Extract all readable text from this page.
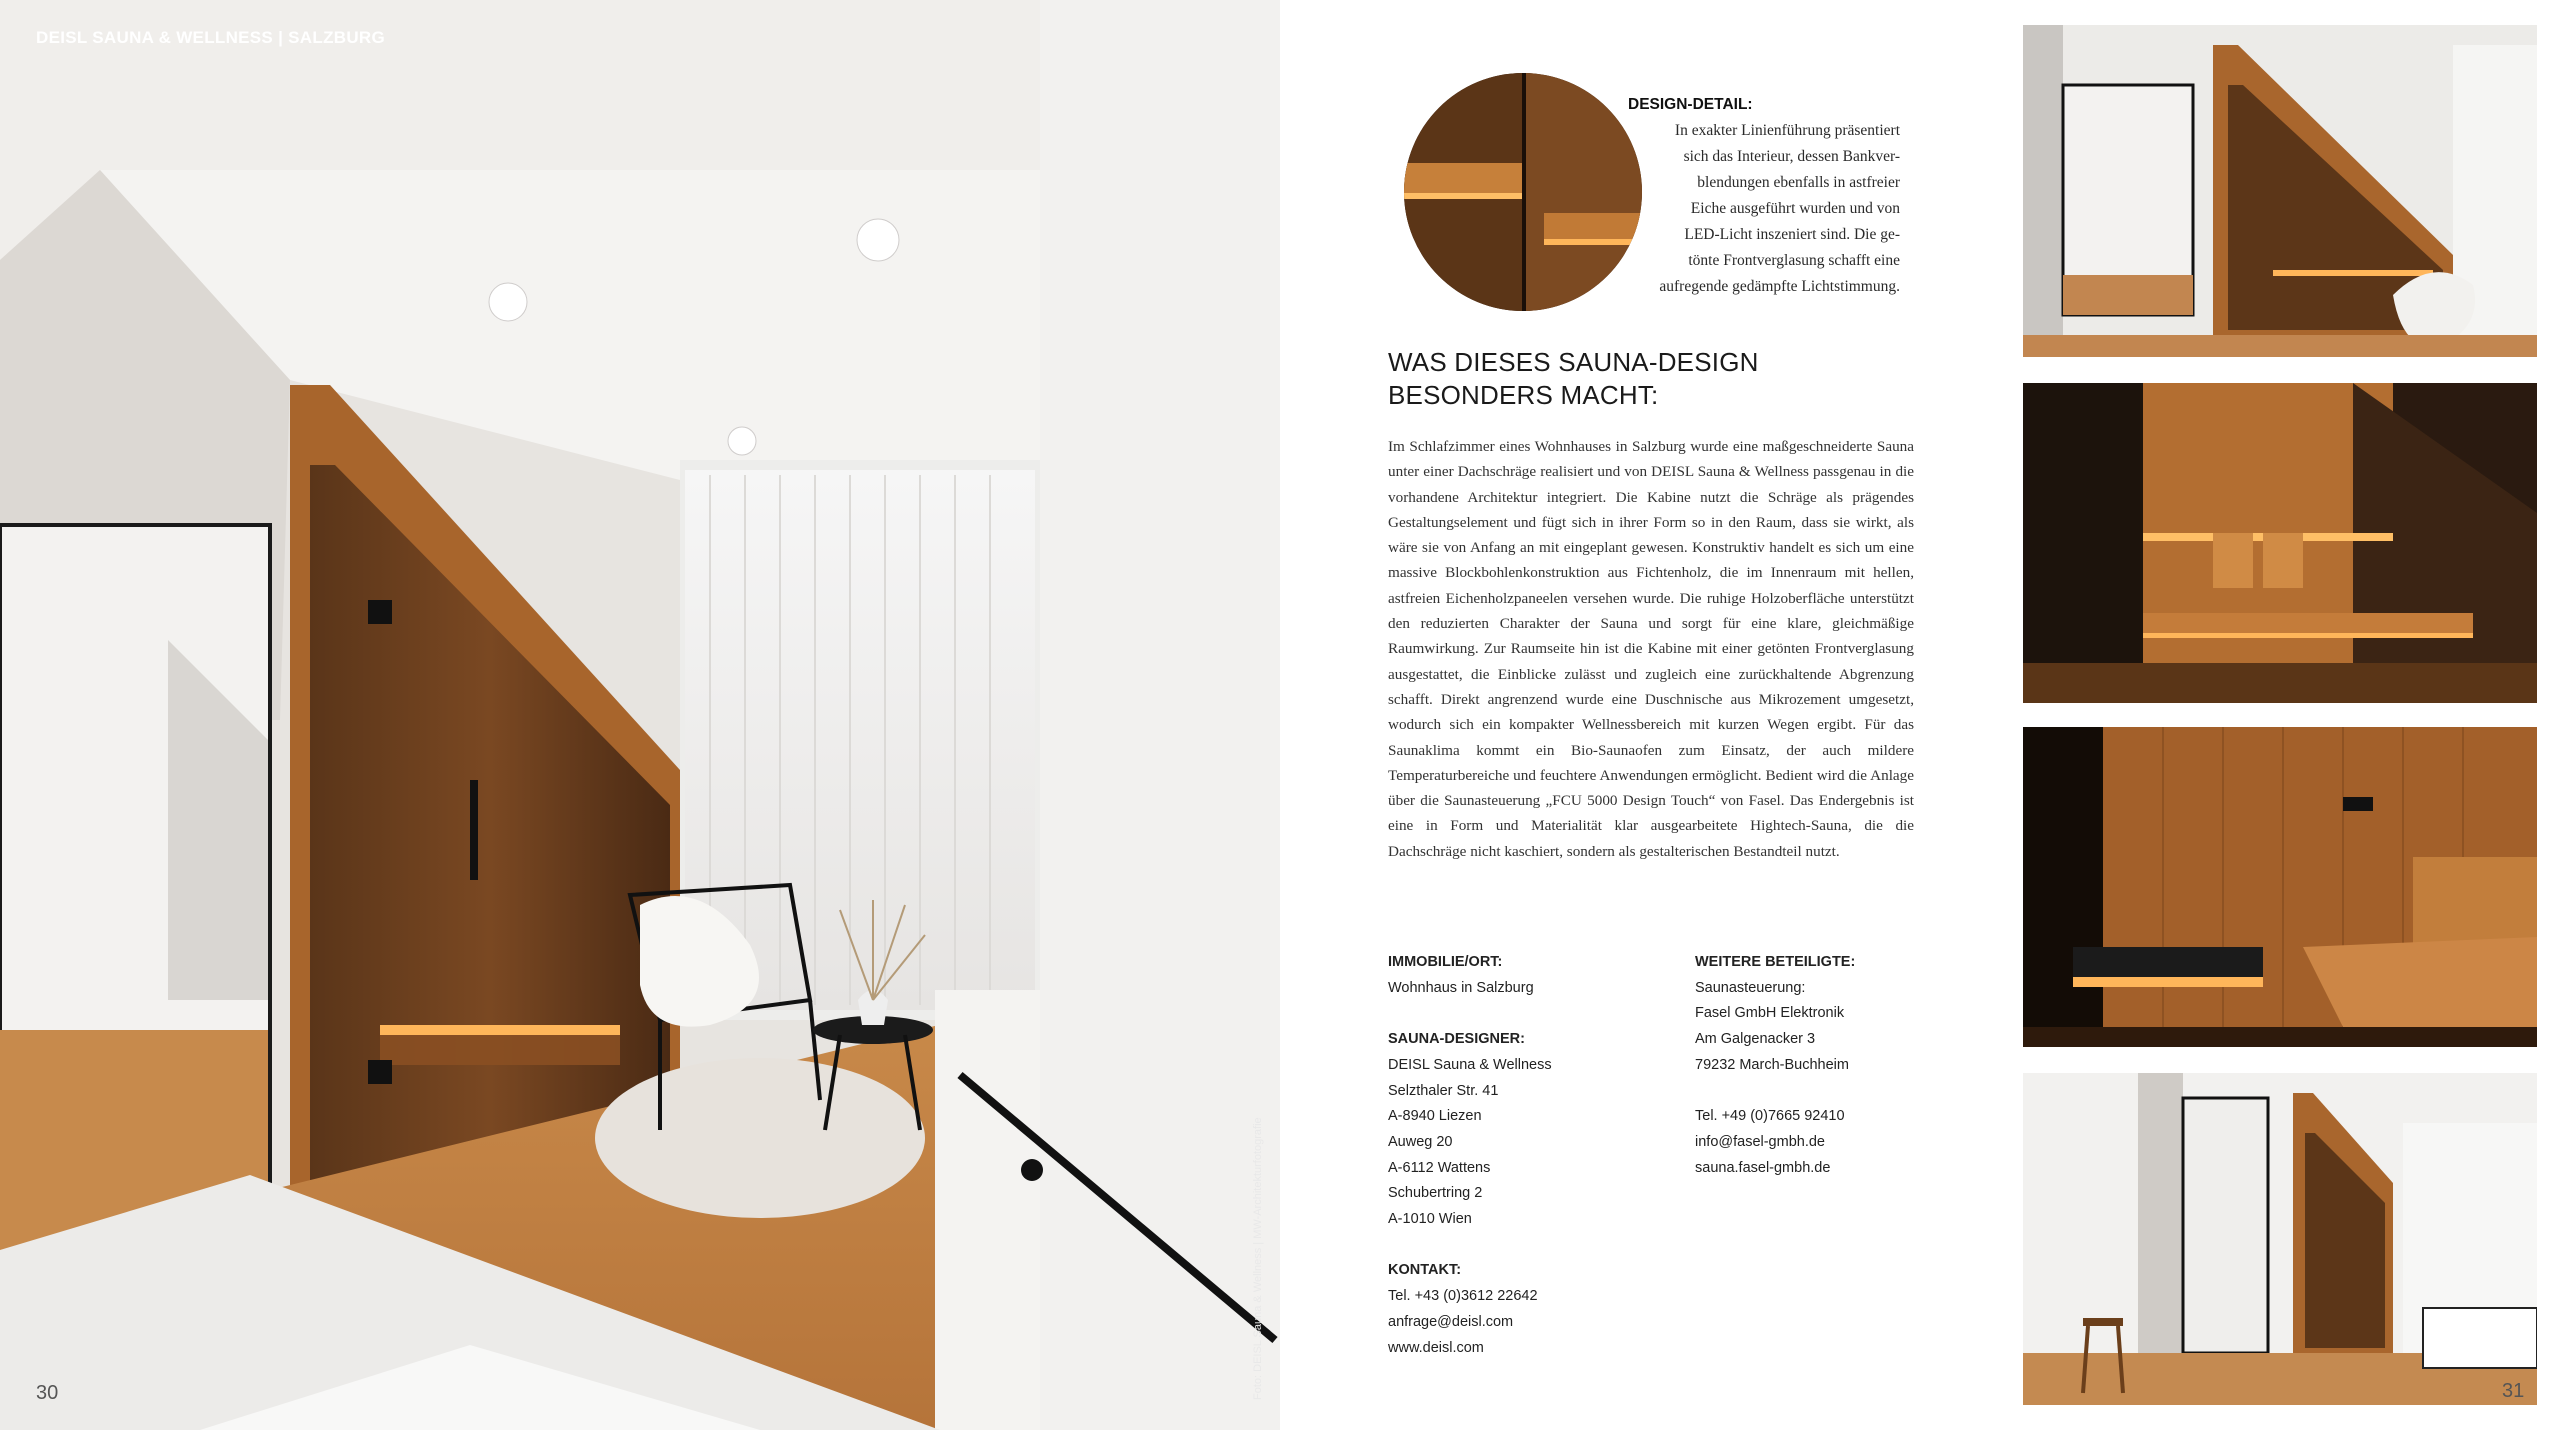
DEISL SAUNA & WELLNESS | SALZBURG
30	Foto: DEISL Sauna & Wellness | MW-Architekturfotografie
DESIGN-DETAIL:
In exakter Linienführung präsentiert
sich das Interieur, dessen Bankver-
blendungen ebenfalls in astfreier
Eiche ausgeführt wurden und von
LED-Licht inszeniert sind. Die ge-
tönte Frontverglasung schafft eine
aufregende gedämpfte Lichtstimmung.
WAS DIESES SAUNA-DESIGN
BESONDERS MACHT:
Im Schlafzimmer eines Wohnhauses in Salzburg wurde eine maßgeschneiderte Sauna unter einer Dachschräge realisiert und von DEISL Sauna & Wellness passgenau in die vorhandene Architektur integriert. Die Kabine nutzt die Schräge als prägendes Gestaltungselement und fügt sich in ihrer Form so in den Raum, dass sie wirkt, als wäre sie von Anfang an mit eingeplant gewesen. Konstruktiv handelt es sich um eine massive Blockbohlenkonstruktion aus Fichtenholz, die im Innenraum mit hellen, astfreien Eichenholzpaneelen versehen wurde. Die ruhige Holzoberfläche unterstützt den reduzierten Charakter der Sauna und sorgt für eine klare, gleichmäßige Raumwirkung. Zur Raumseite hin ist die Kabine mit einer getönten Frontverglasung ausgestattet, die Einblicke zulässt und zugleich eine zurückhaltende Abgrenzung schafft. Direkt angrenzend wurde eine Duschnische aus Mikrozement umgesetzt, wodurch sich ein kompakter Wellnessbereich mit kurzen Wegen ergibt. Für das Saunaklima kommt ein Bio-Saunaofen zum Einsatz, der auch mildere Temperaturbereiche und feuchtere Anwendungen ermöglicht. Bedient wird die Anlage über die Saunasteuerung „FCU 5000 Design Touch“ von Fasel. Das Endergebnis ist eine in Form und Materialität klar ausgearbeitete Hightech-Sauna, die die Dachschräge nicht kaschiert, sondern als gestalterischen Bestandteil nutzt.
IMMOBILIE/ORT:
Wohnhaus in Salzburg
SAUNA-DESIGNER:
DEISL Sauna & Wellness
Selzthaler Str. 41
A-8940 Liezen
Auweg 20
A-6112 Wattens
Schubertring 2
A-1010 Wien
KONTAKT:
Tel. +43 (0)3612 22642
anfrage@deisl.com
www.deisl.com
WEITERE BETEILIGTE:
Saunasteuerung:
Fasel GmbH Elektronik
Am Galgenacker 3
79232 March-Buchheim
Tel. +49 (0)7665 92410
info@fasel-gmbh.de
sauna.fasel-gmbh.de
31
